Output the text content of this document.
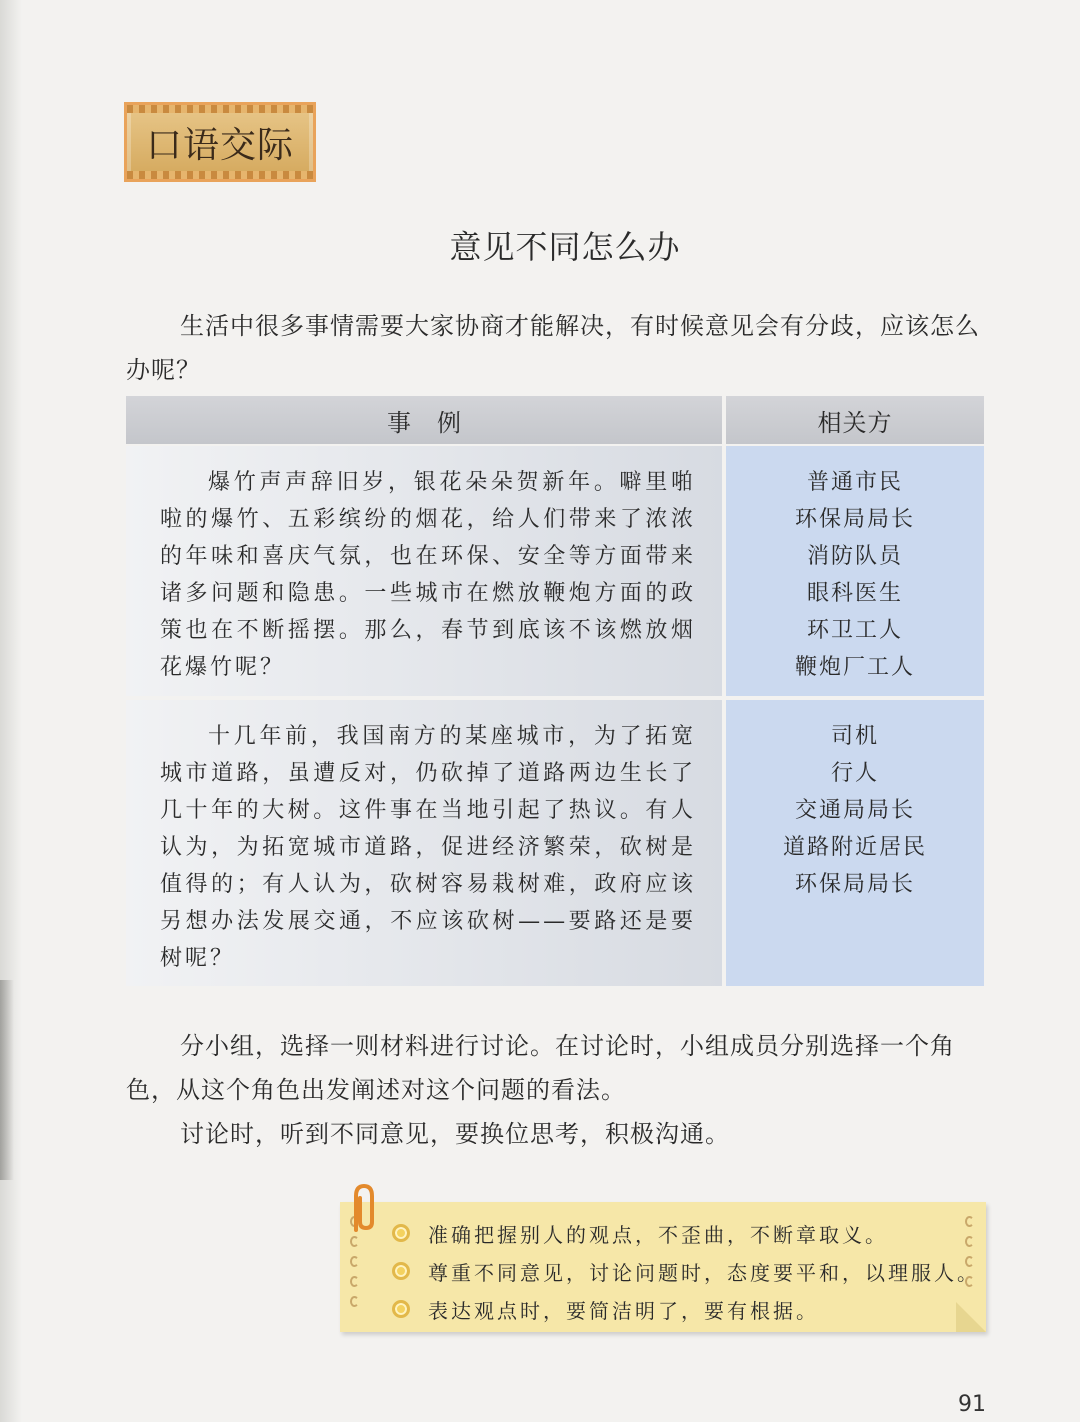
口语交际
意见不同怎么办
生活中很多事情需要大家协商才能解决，有时候意见会有分歧，应该怎么办呢？
事例	相关方
爆竹声声辞旧岁，银花朵朵贺新年。噼里啪啦的爆竹、五彩缤纷的烟花，给人们带来了浓浓的年味和喜庆气氛，也在环保、安全等方面带来诸多问题和隐患。一些城市在燃放鞭炮方面的政策也在不断摇摆。那么，春节到底该不该燃放烟花爆竹呢？
普通市民
环保局局长
消防队员
眼科医生
环卫工人
鞭炮厂工人
十几年前，我国南方的某座城市，为了拓宽城市道路，虽遭反对，仍砍掉了道路两边生长了几十年的大树。这件事在当地引起了热议。有人认为，为拓宽城市道路，促进经济繁荣，砍树是值得的；有人认为，砍树容易栽树难，政府应该另想办法发展交通，不应该砍树——要路还是要树呢？
司机
行人
交通局局长
道路附近居民
环保局局长
分小组，选择一则材料进行讨论。在讨论时，小组成员分别选择一个角色，从这个角色出发阐述对这个问题的看法。
讨论时，听到不同意见，要换位思考，积极沟通。
准确把握别人的观点，不歪曲，不断章取义。
尊重不同意见，讨论问题时，态度要平和，以理服人。
表达观点时，要简洁明了，要有根据。
91
